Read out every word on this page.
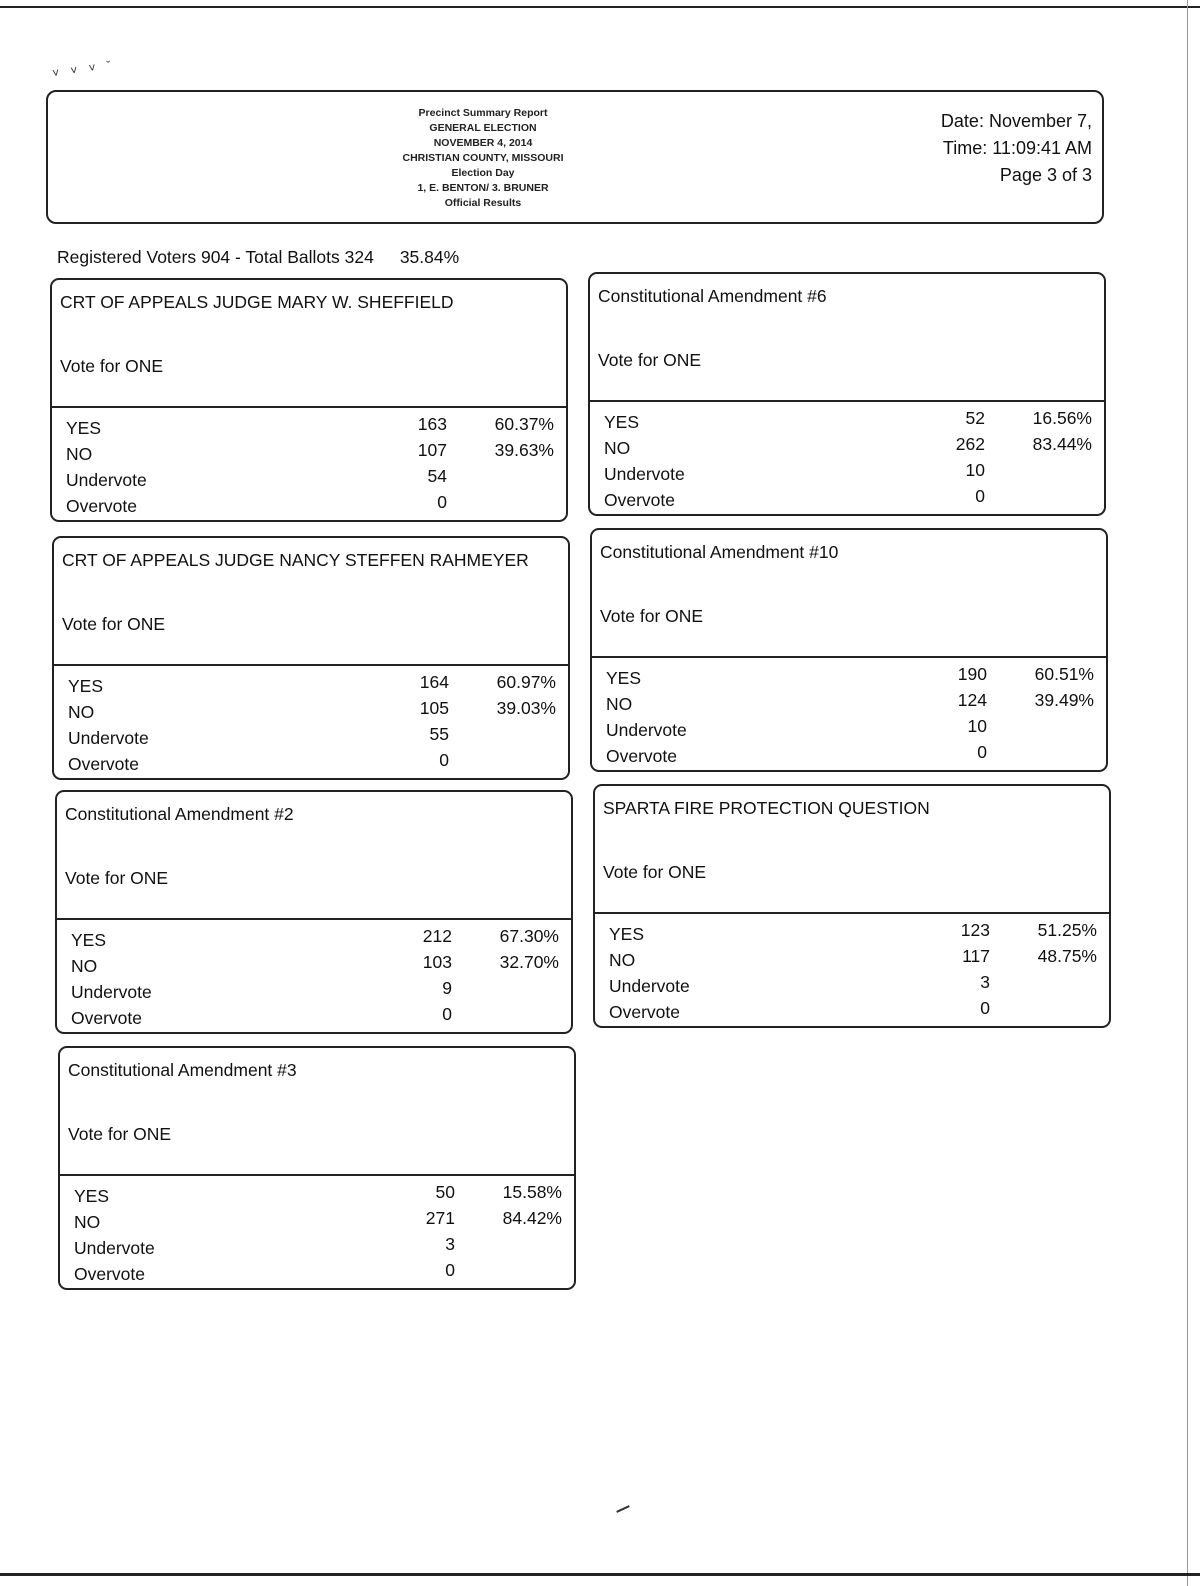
˅ ˅ ˅ ˇ
Precinct Summary Report
GENERAL ELECTION
NOVEMBER 4, 2014
CHRISTIAN COUNTY, MISSOURI
Election Day
1, E. BENTON/ 3. BRUNER
Official Results
Date: November 7,
Time: 11:09:41 AM
Page 3 of 3
Registered Voters 904 - Total Ballots 324 35.84%
CRT OF APPEALS JUDGE MARY W. SHEFFIELD
Vote for ONE
YES	163	60.37%
NO	107	39.63%
Undervote	54
Overvote	0
Constitutional Amendment #6
Vote for ONE
YES	52	16.56%
NO	262	83.44%
Undervote	10
Overvote	0
CRT OF APPEALS JUDGE NANCY STEFFEN RAHMEYER
Vote for ONE
YES	164	60.97%
NO	105	39.03%
Undervote	55
Overvote	0
Constitutional Amendment #10
Vote for ONE
YES	190	60.51%
NO	124	39.49%
Undervote	10
Overvote	0
Constitutional Amendment #2
Vote for ONE
YES	212	67.30%
NO	103	32.70%
Undervote	9
Overvote	0
SPARTA FIRE PROTECTION QUESTION
Vote for ONE
YES	123	51.25%
NO	117	48.75%
Undervote	3
Overvote	0
Constitutional Amendment #3
Vote for ONE
YES	50	15.58%
NO	271	84.42%
Undervote	3
Overvote	0
